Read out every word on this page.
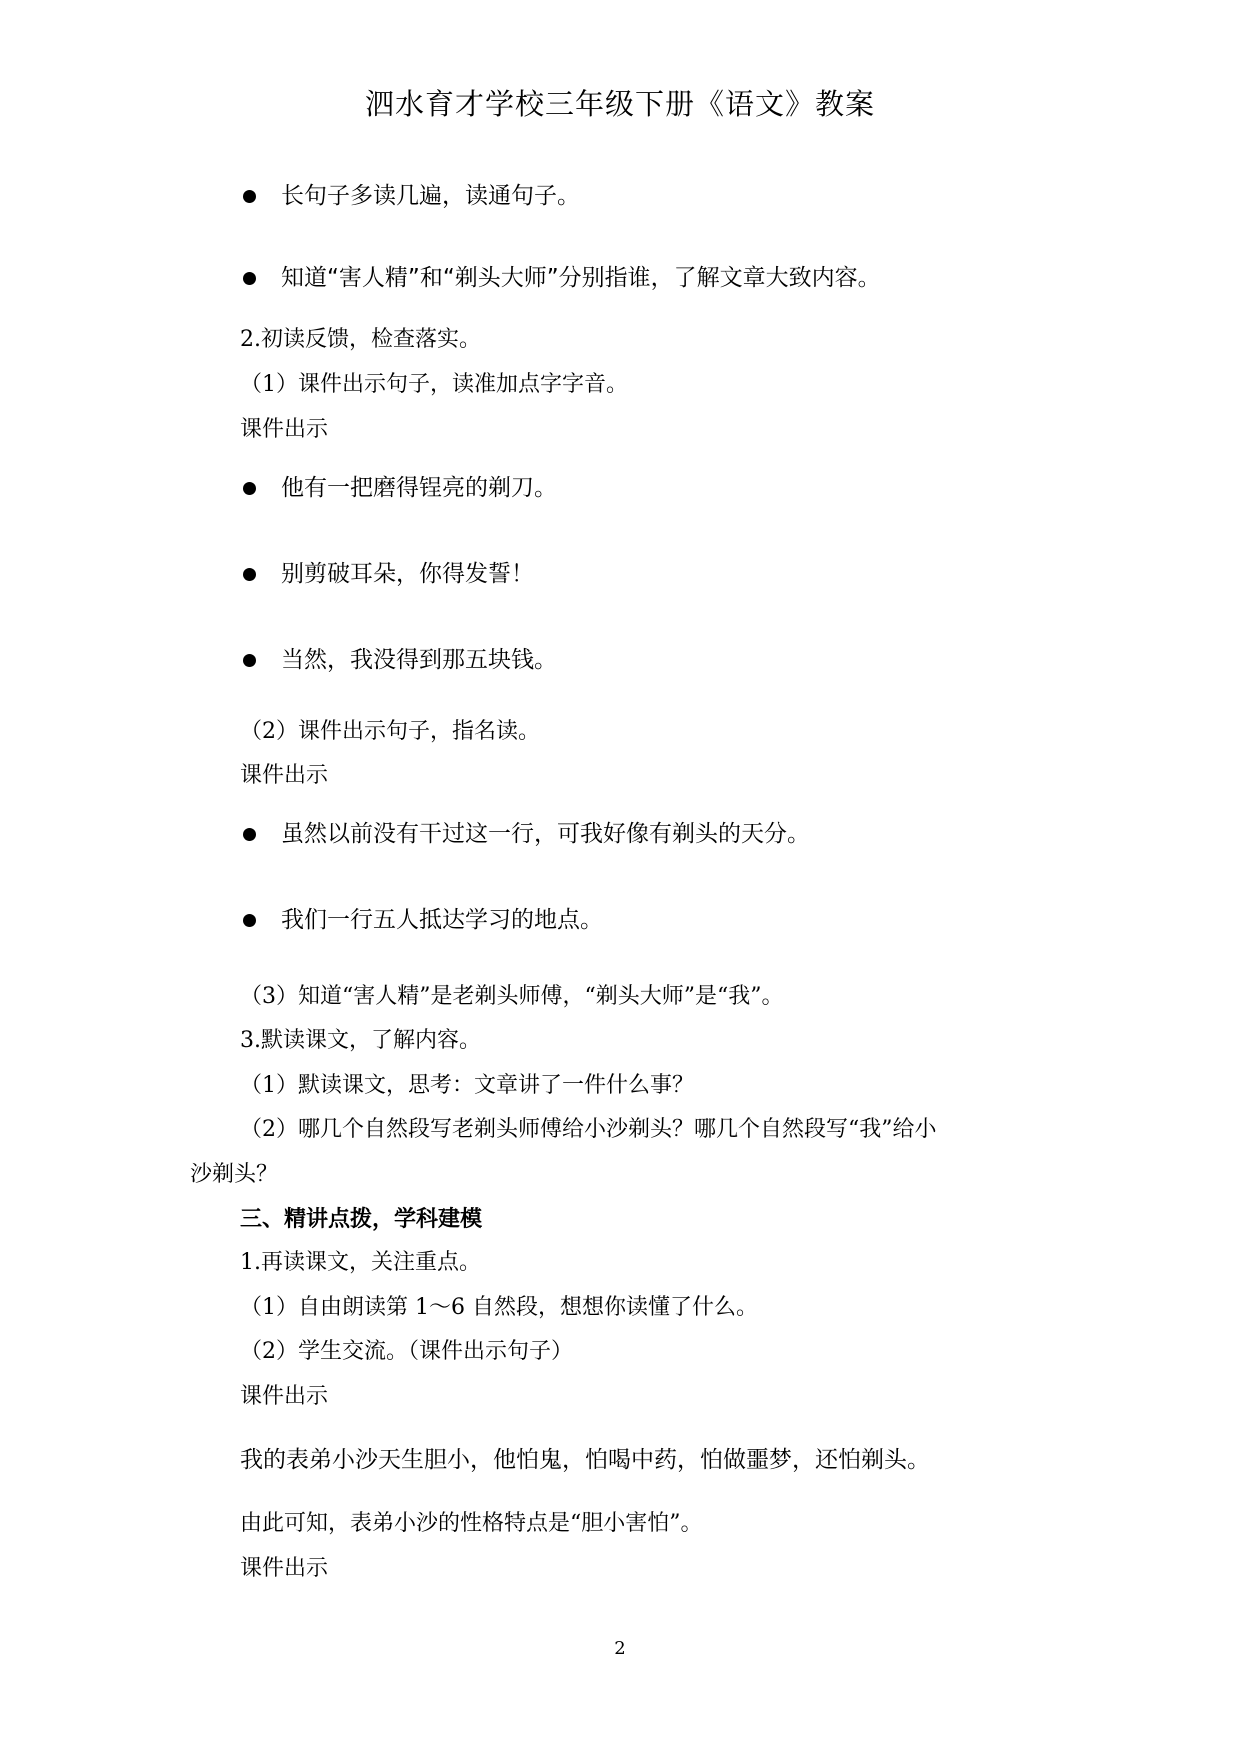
泗水育才学校三年级下册《语文》教案
长句子多读几遍，读通句子。
知道“害人精”和“剃头大师”分别指谁，了解文章大致内容。
2.初读反馈，检查落实。
（1）课件出示句子，读准加点字字音。
课件出示
他有一把磨得锃亮的剃刀。
别剪破耳朵，你得发誓！
当然，我没得到那五块钱。
（2）课件出示句子，指名读。
课件出示
虽然以前没有干过这一行，可我好像有剃头的天分。
我们一行五人抵达学习的地点。
（3）知道“害人精”是老剃头师傅，“剃头大师”是“我”。
3.默读课文，了解内容。
（1）默读课文，思考：文章讲了一件什么事？
（2）哪几个自然段写老剃头师傅给小沙剃头？哪几个自然段写“我”给小
沙剃头？
三、精讲点拨，学科建模
1.再读课文，关注重点。
（1）自由朗读第 1～6 自然段，想想你读懂了什么。
（2）学生交流。（课件出示句子）
课件出示
我的表弟小沙天生胆小，他怕鬼，怕喝中药，怕做噩梦，还怕剃头。
由此可知，表弟小沙的性格特点是“胆小害怕”。
课件出示
2
